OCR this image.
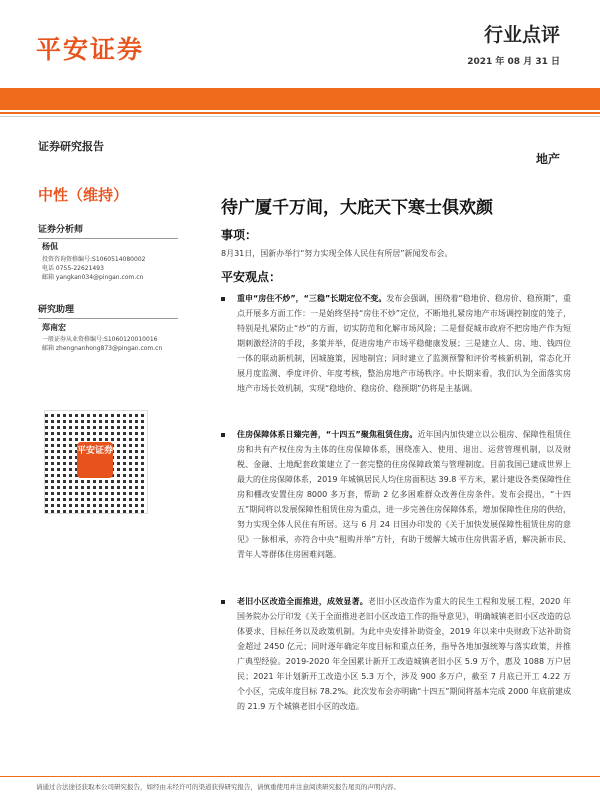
平安证券	行业点评
2021 年 08 月 31 日
证券研究报告
地产
中性（维持）
证券分析师
杨侃
投资咨询资格编号:S1060514080002
电话 0755-22621493
邮箱 yangkan034@pingan.com.cn
研究助理
郑南宏
一般证券从业资格编号:S1060120010016
邮箱 zhengnanhong873@pingan.com.cn
平安证券
待广厦千万间，大庇天下寒士俱欢颜
事项：
8月31日，国新办举行“努力实现全体人民住有所居”新闻发布会。
平安观点：

重申“房住不炒”，“三稳”长期定位不变。发布会强调，围绕着“稳地价、稳房价、稳预期”，重点开展多方面工作：一是始终坚持“房住不炒”定位，不断地扎紧房地产市场调控制度的笼子，特别是扎紧防止“炒”的方面，切实防范和化解市场风险；二是督促城市政府不把房地产作为短期刺激经济的手段，多策并举，促进房地产市场平稳健康发展；三是建立人、房、地、钱四位一体的联动新机制，因城施策，因地制宜；同时建立了监测预警和评价考核新机制，常态化开展月度监测、季度评价、年度考核，整治房地产市场秩序。中长期来看，我们认为全面落实房地产市场长效机制，实现“稳地价、稳房价、稳预期”仍将是主基调。

住房保障体系日臻完善，“十四五”聚焦租赁住房。近年国内加快建立以公租房、保障性租赁住房和共有产权住房为主体的住房保障体系，围绕准入、使用、退出、运营管理机制，以及财税、金融、土地配套政策建立了一套完整的住房保障政策与管理制度。目前我国已建成世界上最大的住房保障体系，2019 年城镇居民人均住房面积达 39.8 平方米，累计建设各类保障性住房和棚改安置住房 8000 多万套，帮助 2 亿多困难群众改善住房条件。发布会提出，“十四五”期间将以发展保障性租赁住房为重点，进一步完善住房保障体系，增加保障性住房的供给，努力实现全体人民住有所居。这与 6 月 24 日国办印发的《关于加快发展保障性租赁住房的意见》一脉相承，亦符合中央“租购并举”方针，有助于缓解大城市住房供需矛盾，解决新市民、青年人等群体住房困难问题。

老旧小区改造全面推进，成效显著。老旧小区改造作为重大的民生工程和发展工程，2020 年国务院办公厅印发《关于全面推进老旧小区改造工作的指导意见》，明确城镇老旧小区改造的总体要求、目标任务以及政策机制。为此中央安排补助资金，2019 年以来中央财政下达补助资金超过 2450 亿元；同时逐年确定年度目标和重点任务，指导各地加强统筹与落实政策，并推广典型经验。2019-2020 年全国累计新开工改造城镇老旧小区 5.9 万个，惠及 1088 万户居民；2021 年计划新开工改造小区 5.3 万个，涉及 900 多万户，截至 7 月底已开工 4.22 万个小区，完成年度目标 78.2%。此次发布会亦明确“十四五”期间将基本完成 2000 年底前建成的 21.9 万个城镇老旧小区的改造。

请通过合法途径获取本公司研究报告，如经由未经许可的渠道获得研究报告，请慎重使用并注意阅读研究报告尾页的声明内容。
